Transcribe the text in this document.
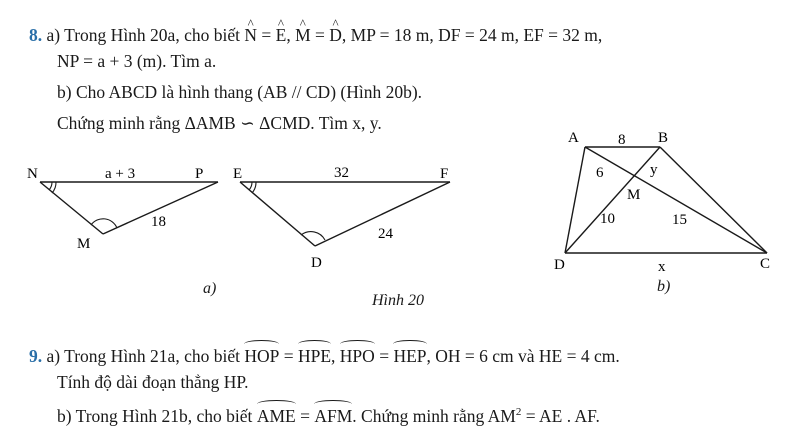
8. a) Trong Hình 20a, cho biết ^ N = ^ E, ^ M = ^ D, MP = 18 m, DF = 24 m, EF = 32 m,
NP = a + 3 (m). Tìm a.
b) Cho ABCD là hình thang (AB // CD) (Hình 20b).
Chứng minh rằng ΔAMB ∽ ΔCMD. Tìm x, y.
N	P
M
a + 3
18
E	F
D
32
24
a)
Hình 20
A	B
C
D
M
8
6	y
10	15
x
b)
9. a) Trong Hình 21a, cho biết HOP = HPE, HPO = HEP, OH = 6 cm và HE = 4 cm.
Tính độ dài đoạn thẳng HP.
b) Trong Hình 21b, cho biết AME = AFM. Chứng minh rằng $AM^2$ = AE . AF.
